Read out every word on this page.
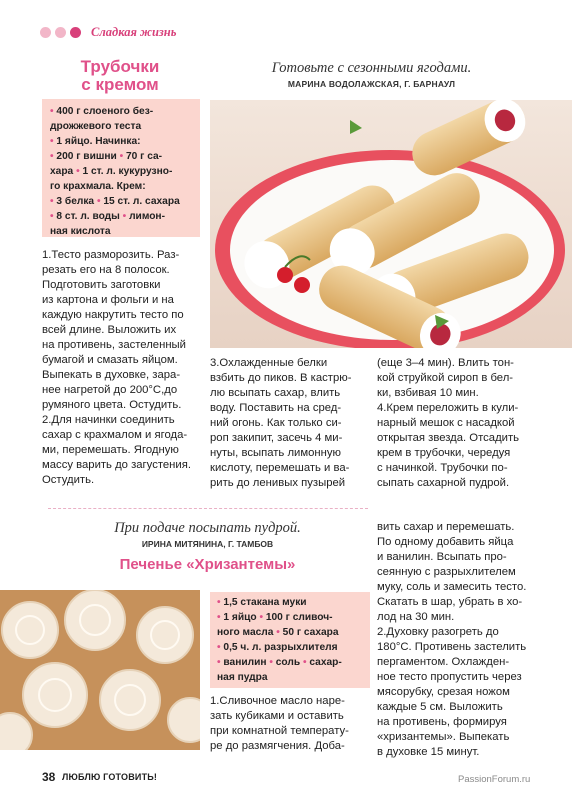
Сладкая жизнь
Трубочки
с кремом
Готовьте с сезонными ягодами.
МАРИНА ВОДОЛАЖСКАЯ, Г. БАРНАУЛ
• 400 г слоеного без-
дрожжевого теста
• 1 яйцо. Начинка:
• 200 г вишни • 70 г са-
хара • 1 ст. л. кукурузно-
го крахмала. Крем:
• 3 белка • 15 ст. л. сахара
• 8 ст. л. воды • лимон-
ная кислота
1.Тесто разморозить. Раз-
резать его на 8 полосок.
Подготовить заготовки
из картона и фольги и на
каждую накрутить тесто по
всей длине. Выложить их
на противень, застеленный
бумагой и смазать яйцом.
Выпекать в духовке, зара-
нее нагретой до 200°С,до
румяного цвета. Остудить.
2.Для начинки соединить
сахар с крахмалом и ягода-
ми, перемешать. Ягодную
массу варить до загустения.
Остудить.
3.Охлажденные белки
взбить до пиков. В кастрю-
лю всыпать сахар, влить
воду. Поставить на сред-
ний огонь. Как только си-
роп закипит, засечь 4 ми-
нуты, всыпать лимонную
кислоту, перемешать и ва-
рить до ленивых пузырей
(еще 3–4 мин). Влить тон-
кой струйкой сироп в бел-
ки, взбивая 10 мин.
4.Крем переложить в кули-
нарный мешок с насадкой
открытая звезда. Отсадить
крем в трубочки, чередуя
с начинкой. Трубочки по-
сыпать сахарной пудрой.
При подаче посыпать пудрой.
ИРИНА МИТЯНИНА, Г. ТАМБОВ
Печенье «Хризантемы»
вить сахар и перемешать.
По одному добавить яйца
и ванилин. Всыпать про-
сеянную с разрыхлителем
муку, соль и замесить тесто.
Скатать в шар, убрать в хо-
лод на 30 мин.
2.Духовку разогреть до
180°С. Противень застелить
пергаментом. Охлажден-
ное тесто пропустить через
мясорубку, срезая ножом
каждые 5 см. Выложить
на противень, формируя
«хризантемы». Выпекать
в духовке 15 минут.
• 1,5 стакана муки
• 1 яйцо • 100 г сливоч-
ного масла • 50 г сахара
• 0,5 ч. л. разрыхлителя
• ванилин • соль • сахар-
ная пудра
1.Сливочное масло наре-
зать кубиками и оставить
при комнатной температу-
ре до размягчения. Доба-
38 ЛЮБЛЮ ГОТОВИТЬ!	PassionForum.ru
